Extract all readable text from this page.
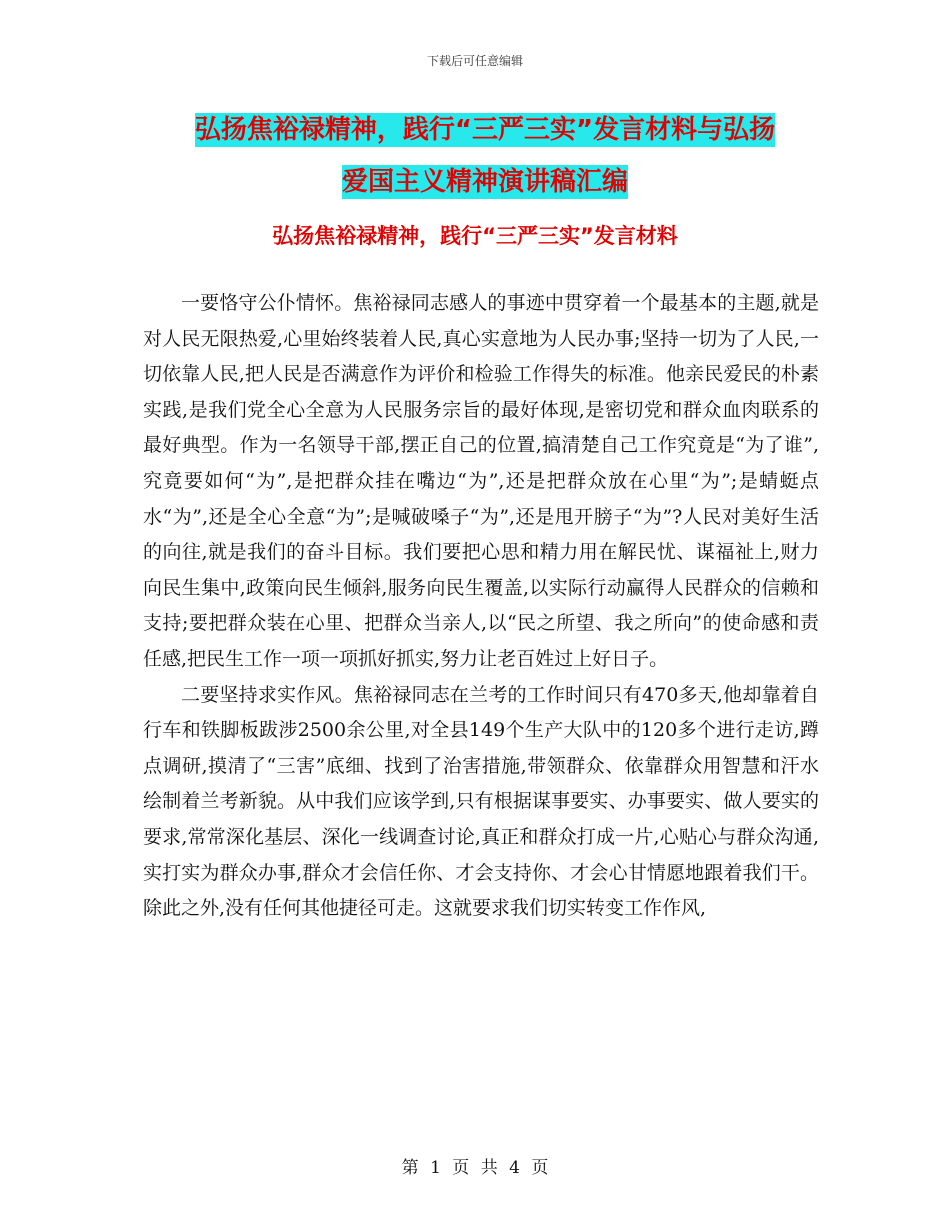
下载后可任意编辑
弘扬焦裕禄精神，践行“三严三实”发言材料与弘扬
爱国主义精神演讲稿汇编
弘扬焦裕禄精神，践行“三严三实”发言材料

一要恪守公仆情怀。焦裕禄同志感人的事迹中贯穿着一个最基本的主题,就是对人民无限热爱,心里始终装着人民,真心实意地为人民办事;坚持一切为了人民,一切依靠人民,把人民是否满意作为评价和检验工作得失的标准。他亲民爱民的朴素实践,是我们党全心全意为人民服务宗旨的最好体现,是密切党和群众血肉联系的最好典型。作为一名领导干部,摆正自己的位置,搞清楚自己工作究竟是“为了谁”,究竟要如何“为”,是把群众挂在嘴边“为”,还是把群众放在心里“为”;是蜻蜓点水“为”,还是全心全意“为”;是喊破嗓子“为”,还是甩开膀子“为”?人民对美好生活的向往,就是我们的奋斗目标。我们要把心思和精力用在解民忧、谋福祉上,财力向民生集中,政策向民生倾斜,服务向民生覆盖,以实际行动赢得人民群众的信赖和支持;要把群众装在心里、把群众当亲人,以“民之所望、我之所向”的使命感和责任感,把民生工作一项一项抓好抓实,努力让老百姓过上好日子。

二要坚持求实作风。焦裕禄同志在兰考的工作时间只有470多天,他却靠着自行车和铁脚板跋涉2500余公里,对全县149个生产大队中的120多个进行走访,蹲点调研,摸清了“三害”底细、找到了治害措施,带领群众、依靠群众用智慧和汗水绘制着兰考新貌。从中我们应该学到,只有根据谋事要实、办事要实、做人要实的要求,常常深化基层、深化一线调查讨论,真正和群众打成一片,心贴心与群众沟通,实打实为群众办事,群众才会信任你、才会支持你、才会心甘情愿地跟着我们干。除此之外,没有任何其他捷径可走。这就要求我们切实转变工作作风,

第 1 页 共 4 页
